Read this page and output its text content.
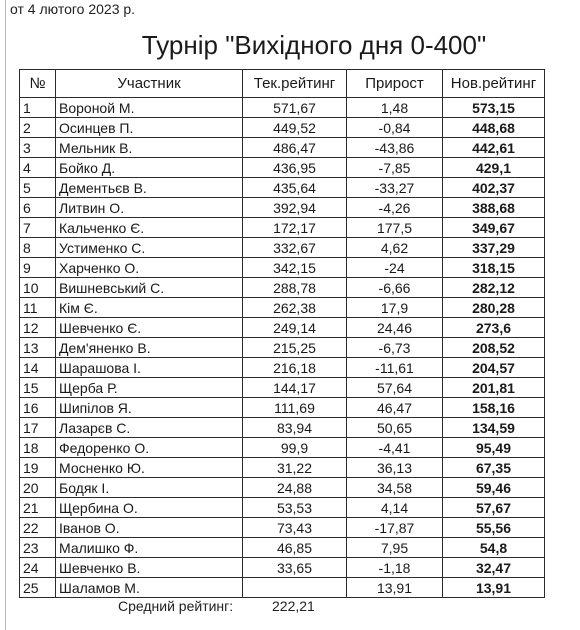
от 4 лютого 2023 р.
Турнір "Вихідного дня 0-400"
№	Участник	Тек.рейтинг	Прирост	Нов.рейтинг
1	Вороной М.	571,67	1,48	573,15
2	Осинцев П.	449,52	-0,84	448,68
3	Мельник В.	486,47	-43,86	442,61
4	Бойко Д.	436,95	-7,85	429,1
5	Дементьєв В.	435,64	-33,27	402,37
6	Литвин О.	392,94	-4,26	388,68
7	Кальченко Є.	172,17	177,5	349,67
8	Устименко С.	332,67	4,62	337,29
9	Харченко О.	342,15	-24	318,15
10	Вишневський С.	288,78	-6,66	282,12
11	Кім Є.	262,38	17,9	280,28
12	Шевченко Є.	249,14	24,46	273,6
13	Дем'яненко В.	215,25	-6,73	208,52
14	Шарашова І.	216,18	-11,61	204,57
15	Щерба Р.	144,17	57,64	201,81
16	Шипілов Я.	111,69	46,47	158,16
17	Лазарєв С.	83,94	50,65	134,59
18	Федоренко О.	99,9	-4,41	95,49
19	Мосненко Ю.	31,22	36,13	67,35
20	Бодяк І.	24,88	34,58	59,46
21	Щербина О.	53,53	4,14	57,67
22	Іванов О.	73,43	-17,87	55,56
23	Малишко Ф.	46,85	7,95	54,8
24	Шевченко В.	33,65	-1,18	32,47
25	Шаламов М.		13,91	13,91
Средний рейтинг:	222,21
